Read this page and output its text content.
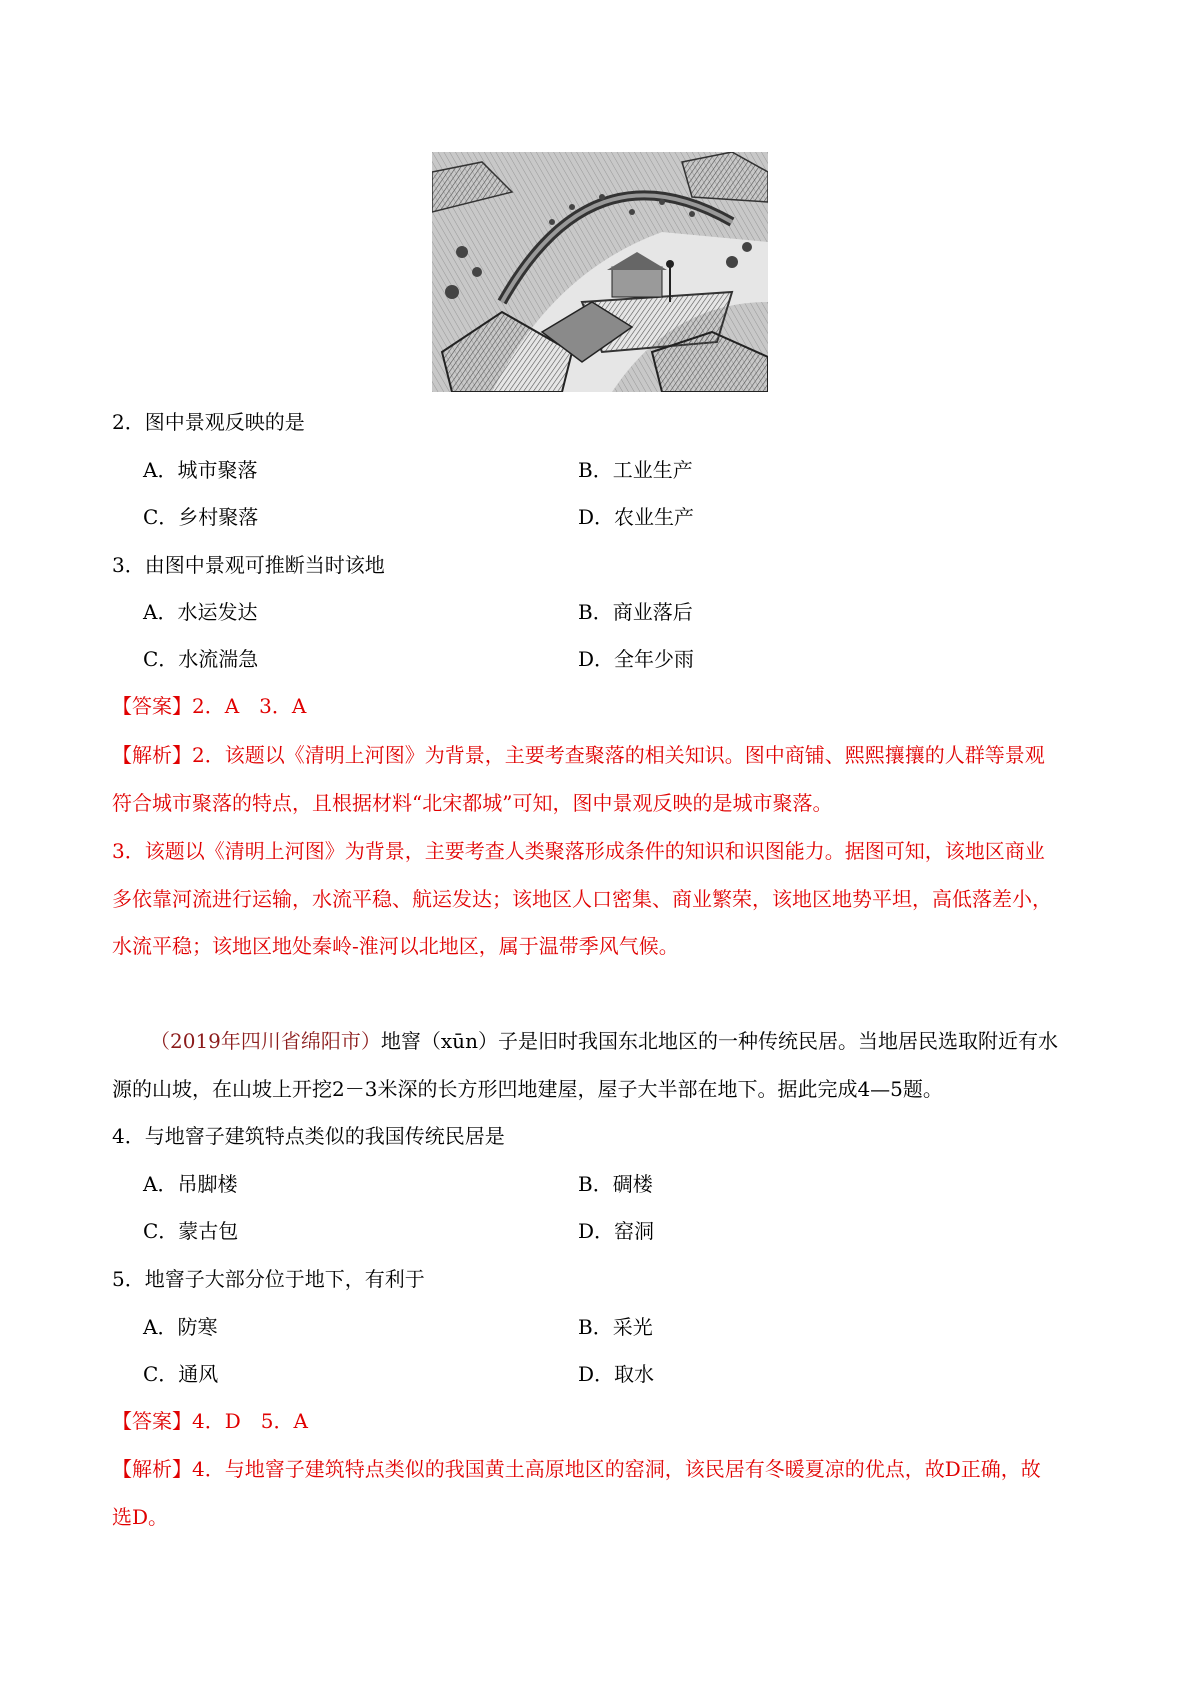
2．图中景观反映的是
A．城市聚落	B．工业生产
C．乡村聚落	D．农业生产
3．由图中景观可推断当时该地
A．水运发达	B．商业落后
C．水流湍急	D．全年少雨
【答案】2．A　3．A
【解析】2．该题以《清明上河图》为背景，主要考查聚落的相关知识。图中商铺、熙熙攘攘的人群等景观
符合城市聚落的特点，且根据材料“北宋都城”可知，图中景观反映的是城市聚落。
3．该题以《清明上河图》为背景，主要考查人类聚落形成条件的知识和识图能力。据图可知，该地区商业
多依靠河流进行运输，水流平稳、航运发达；该地区人口密集、商业繁荣，该地区地势平坦，高低落差小，
水流平稳；该地区地处秦岭-淮河以北地区，属于温带季风气候。
（2019年四川省绵阳市）地窨（xūn）子是旧时我国东北地区的一种传统民居。当地居民选取附近有水
源的山坡，在山坡上开挖2－3米深的长方形凹地建屋，屋子大半部在地下。据此完成4—5题。
4．与地窨子建筑特点类似的我国传统民居是
A．吊脚楼	B．碉楼
C．蒙古包	D．窑洞
5．地窨子大部分位于地下，有利于
A．防寒	B．采光
C．通风	D．取水
【答案】4．D　5．A
【解析】4．与地窨子建筑特点类似的我国黄土高原地区的窑洞，该民居有冬暖夏凉的优点，故D正确，故
选D。
